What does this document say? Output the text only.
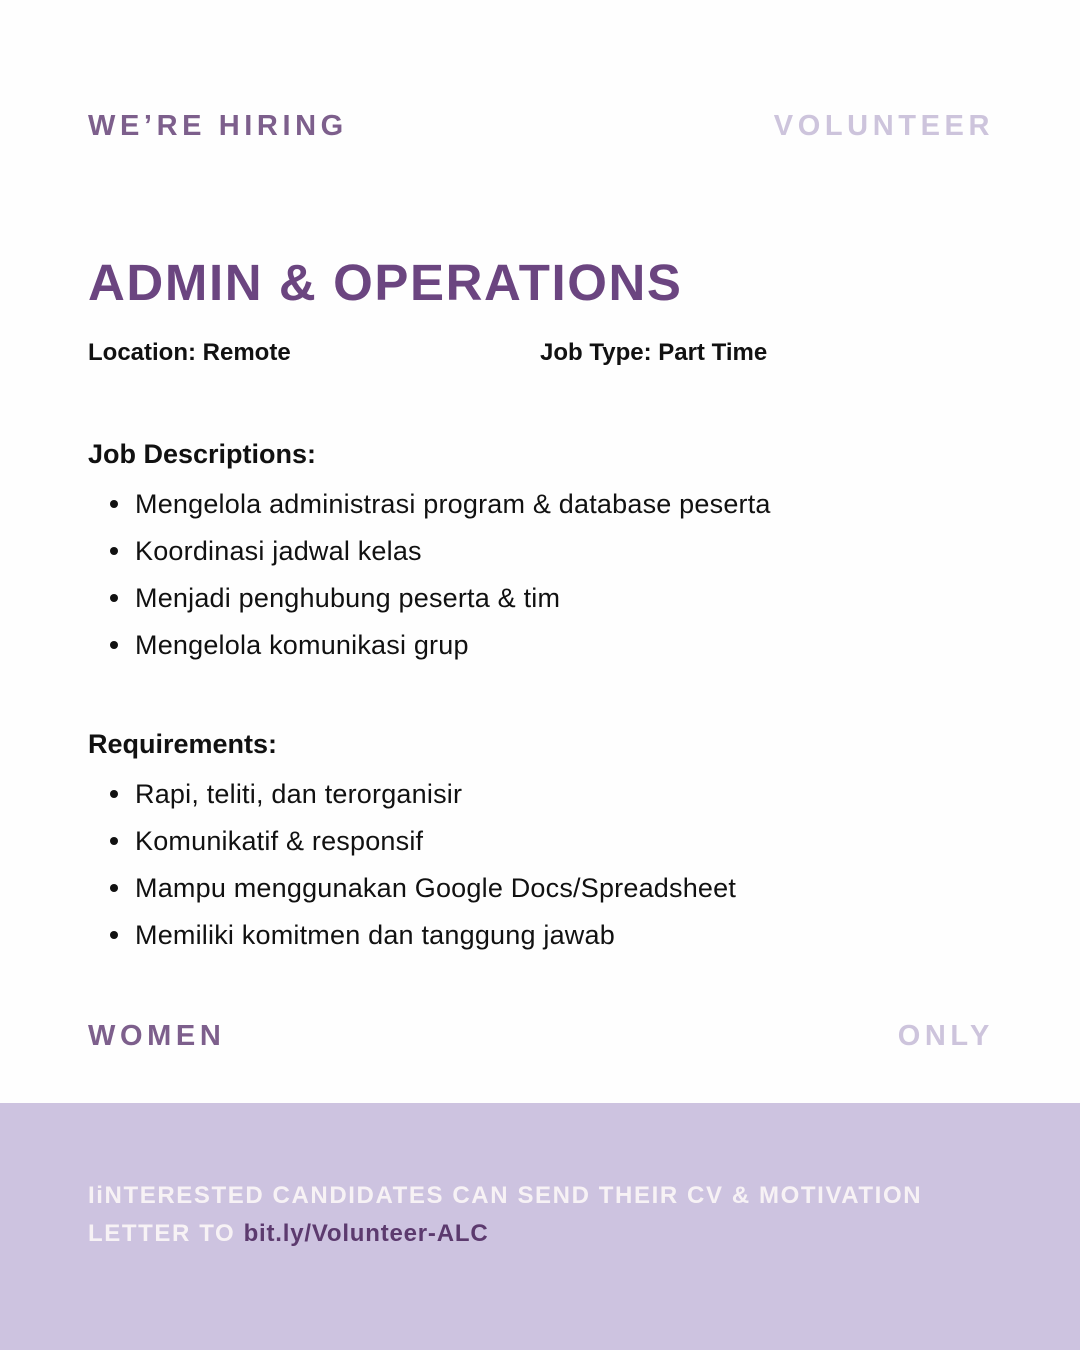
WE’RE HIRING	VOLUNTEER
ADMIN & OPERATIONS
Location: Remote	Job Type: Part Time
Job Descriptions:
Mengelola administrasi program & database peserta
Koordinasi jadwal kelas
Menjadi penghubung peserta & tim
Mengelola komunikasi grup
Requirements:
Rapi, teliti, dan terorganisir
Komunikatif & responsif
Mampu menggunakan Google Docs/Spreadsheet
Memiliki komitmen dan tanggung jawab
WOMEN	ONLY

IiNTERESTED CANDIDATES CAN SEND THEIR CV & MOTIVATION LETTER TO bit.ly/Volunteer-ALC
